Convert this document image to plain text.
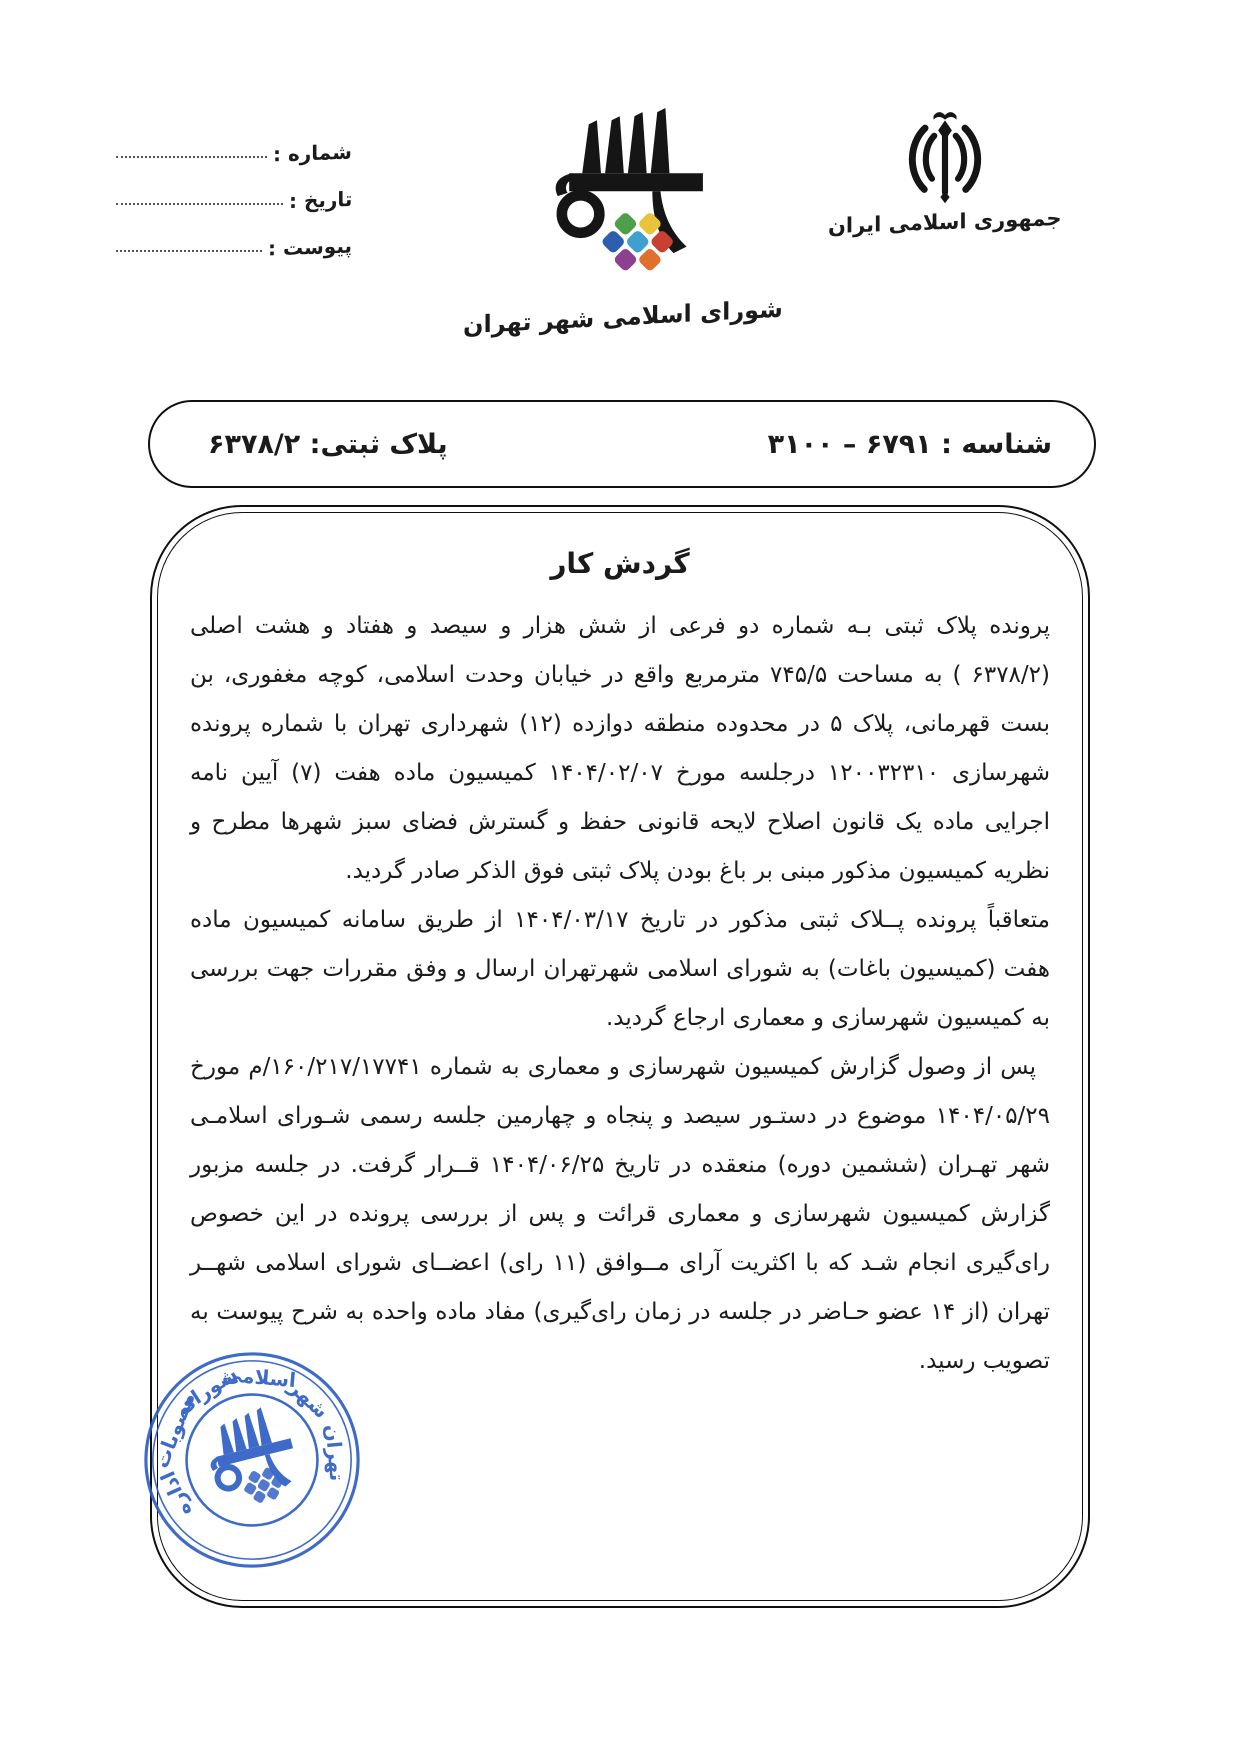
شماره :
تاریخ :
پیوست :
شورای اسلامی شهر تهران
جمهوری اسلامی ایران
شناسه : ۶۷۹۱ – ۳۱۰۰
پلاک ثبتی: ۶۳۷۸/۲
گردش کار

پرونده پلاک ثبتی بـه شماره دو فرعی از شش هزار و سیصد و هفتاد و هشت اصلی (۶۳۷۸/۲ ) به مساحت ۷۴۵/۵ مترمربع واقع در خیابان وحدت اسلامی، کوچه مغفوری، بن بست قهرمانی، پلاک ۵ در محدوده منطقه دوازده (۱۲) شهرداری تهران با شماره پرونده شهرسازی ۱۲۰۰۳۲۳۱۰ درجلسه مورخ ۱۴۰۴/۰۲/۰۷ کمیسیون ماده هفت (۷) آیین نامه اجرایی ماده یک قانون اصلاح لایحه قانونی حفظ و گسترش فضای سبز شهرها مطرح و نظریه کمیسیون مذکور مبنی بر باغ بودن پلاک ثبتی فوق الذکر صادر گردید.

متعاقباً پرونده پــلاک ثبتی مذکور در تاریخ ۱۴۰۴/۰۳/۱۷ از طریق سامانه کمیسیون ماده هفت (کمیسیون باغات) به شورای اسلامی شهرتهران ارسال و وفق مقررات جهت بررسی به کمیسیون شهرسازی و معماری ارجاع گردید.

پس از وصول گزارش کمیسیون شهرسازی و معماری به شماره ۱۶۰/۲۱۷/۱۷۷۴۱/م مورخ ۱۴۰۴/۰۵/۲۹ موضوع در دستـور سیصد و پنجاه و چهارمین جلسه رسمی شـورای اسلامـی شهر تهـران (ششمین دوره) منعقده در تاریخ ۱۴۰۴/۰۶/۲۵ قــرار گرفت. در جلسه مزبور گزارش کمیسیون شهرسازی و معماری قرائت و پس از بررسی پرونده در این خصوص رای‌گیری انجام شـد که با اکثریت آرای مــوافق (۱۱ رای) اعضــای شورای اسلامی شهــر تهران (از ۱۴ عضو حـاضر در جلسه در زمان رای‌گیری) مفاد ماده واحده به شرح پیوست به تصویب رسید.

اداره
مصوبات
شورای
اسلامی
شهر
تهران
